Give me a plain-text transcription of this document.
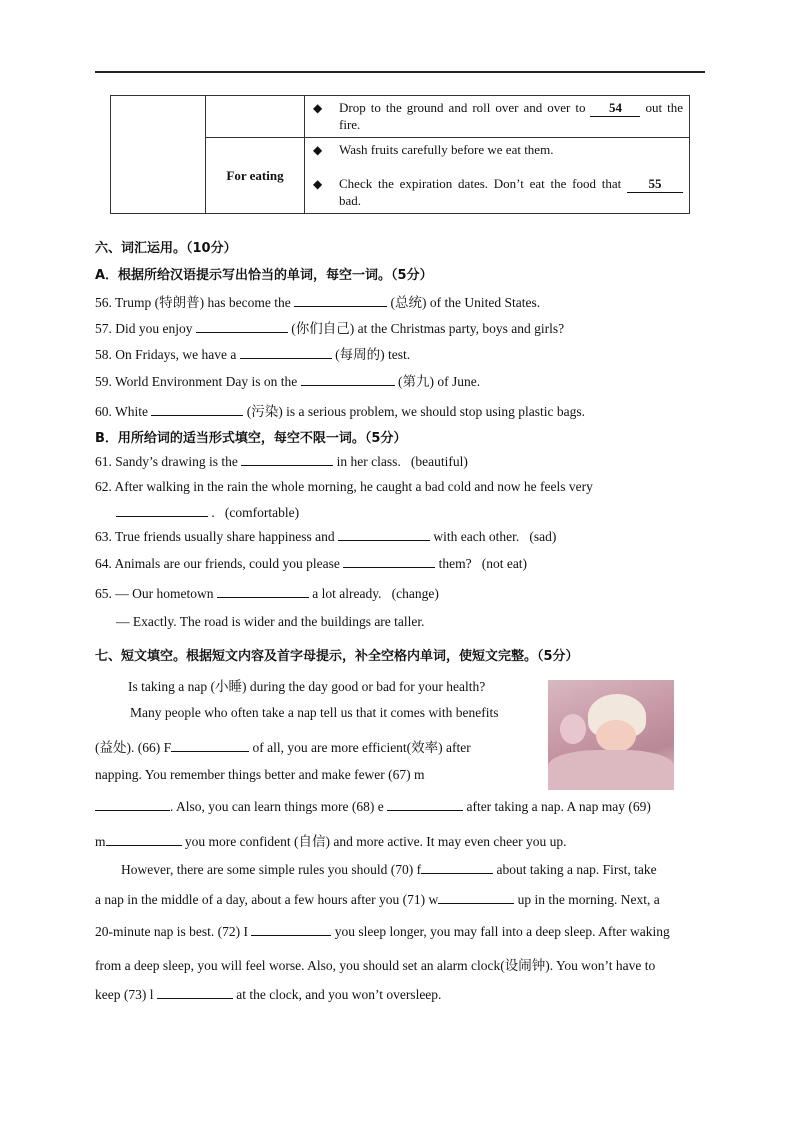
		◆ Drop to the ground and roll over and over to 54 out the fire.

	For eating	◆ Wash fruits carefully before we eat them.
◆ Check the expiration dates. Don’t eat the food that 55 bad.
六、词汇运用。（10分）
A．根据所给汉语提示写出恰当的单词，每空一词。（5分）
56. Trump (特朗普) has become the	(总统) of the United States.
57. Did you enjoy	(你们自己) at the Christmas party, boys and girls?
58. On Fridays, we have a	(每周的) test.
59. World Environment Day is on the	(第九) of June.
60. White	(污染) is a serious problem, we should stop using plastic bags.
B．用所给词的适当形式填空，每空不限一词。（5分）
61. Sandy’s drawing is the	in her class. (beautiful)
62. After walking in the rain the whole morning, he caught a bad cold and now he feels very
. (comfortable)
63. True friends usually share happiness and	with each other. (sad)
64. Animals are our friends, could you please	them? (not eat)
65. — Our hometown	a lot already. (change)
— Exactly. The road is wider and the buildings are taller.
七、短文填空。根据短文内容及首字母提示，补全空格内单词，使短文完整。（5分）
Is taking a nap (小睡) during the day good or bad for your health?
Many people who often take a nap tell us that it comes with benefits
(益处). (66) F	of all, you are more efficient(效率) after
napping. You remember things better and make fewer (67) m
. Also, you can learn things more (68) e	after taking a nap. A nap may (69)
m	you more confident (自信) and more active. It may even cheer you up.
However, there are some simple rules you should (70) f	about taking a nap. First, take
a nap in the middle of a day, about a few hours after you (71) w	up in the morning. Next, a
20-minute nap is best. (72) I	you sleep longer, you may fall into a deep sleep. After waking
from a deep sleep, you will feel worse. Also, you should set an alarm clock(设闹钟). You won’t have to
keep (73) l	at the clock, and you won’t oversleep.
